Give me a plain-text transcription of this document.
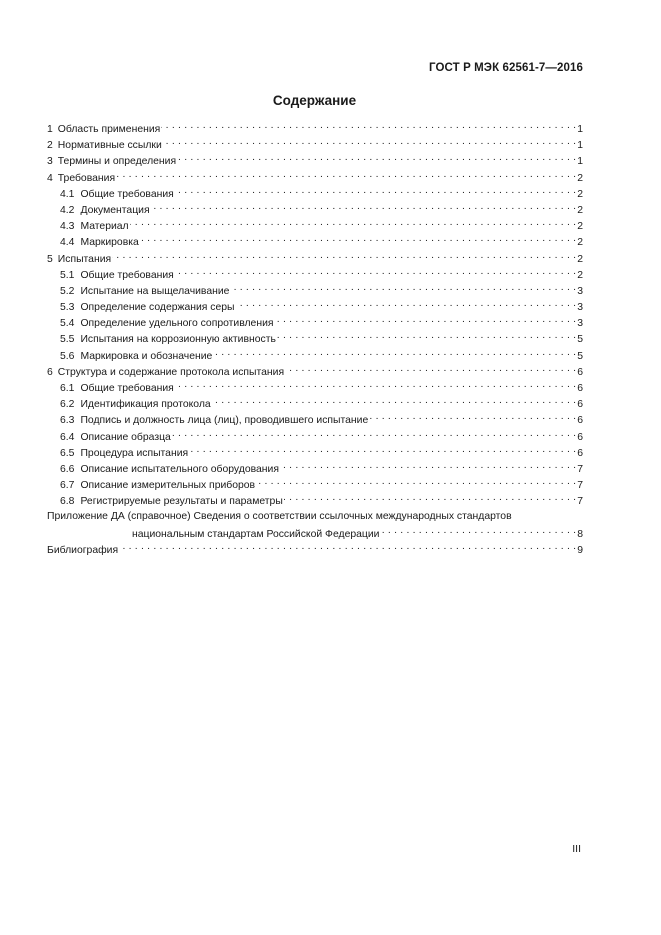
ГОСТ Р МЭК 62561-7—2016
Содержание
1 Область применения . . .	1
2 Нормативные ссылки . . .	1
3 Термины и определения . . .	1
4 Требования . . .	2
4.1 Общие требования . . .	2
4.2 Документация . . .	2
4.3 Материал . . .	2
4.4 Маркировка . . .	2
5 Испытания . . .	2
5.1 Общие требования . . .	2
5.2 Испытание на выщелачивание . . .	3
5.3 Определение содержания серы . . .	3
5.4 Определение удельного сопротивления . . .	3
5.5 Испытания на коррозионную активность . . .	5
5.6 Маркировка и обозначение . . .	5
6 Структура и содержание протокола испытания . . .	6
6.1 Общие требования . . .	6
6.2 Идентификация протокола . . .	6
6.3 Подпись и должность лица (лиц), проводившего испытание . . .	6
6.4 Описание образца . . .	6
6.5 Процедура испытания . . .	6
6.6 Описание испытательного оборудования . . .	7
6.7 Описание измерительных приборов . . .	7
6.8 Регистрируемые результаты и параметры . . .	7
Приложение ДА (справочное) Сведения о соответствии ссылочных международных стандартов
национальным стандартам Российской Федерации . . .	8
Библиография . . .	9
III
